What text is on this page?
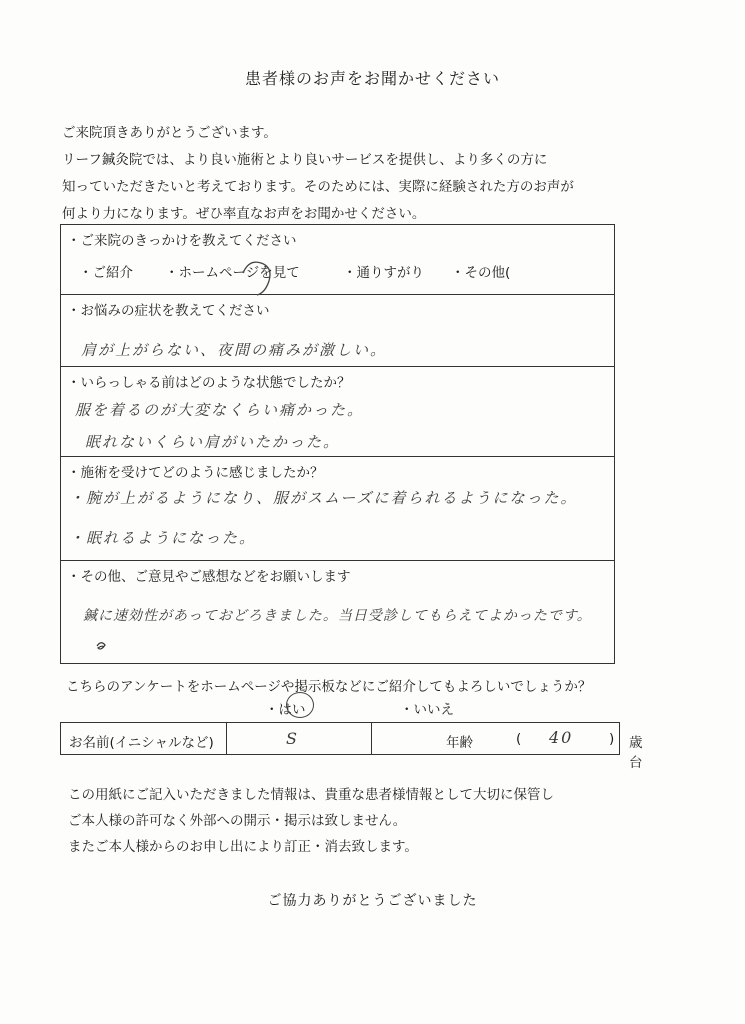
患者様のお声をお聞かせください
ご来院頂きありがとうございます。
リーフ鍼灸院では、より良い施術とより良いサービスを提供し、より多くの方に
知っていただきたいと考えております。そのためには、実際に経験された方のお声が
何より力になります。ぜひ率直なお声をお聞かせください。
・ご来院のきっかけを教えてください
・ご紹介 ・ホームページを見て	・通りすがり ・その他(
・お悩みの症状を教えてください
肩が上がらない、夜間の痛みが激しい。
・いらっしゃる前はどのような状態でしたか？
服を着るのが大変なくらい痛かった。
眠れないくらい肩がいたかった。
・施術を受けてどのように感じましたか？
・腕が上がるようになり、服がスムーズに着られるようになった。
・眠れるようになった。
・その他、ご意見やご感想などをお願いします
鍼に速効性があっておどろきました。当日受診してもらえてよかったです。
こちらのアンケートをホームページや掲示板などにご紹介してもよろしいでしょうか？
・はい	・いいえ
お名前(イニシャルなど)	S	年齢	( 40	) 歳台
この用紙にご記入いただきました情報は、貴重な患者様情報として大切に保管し
ご本人様の許可なく外部への開示・掲示は致しません。
またご本人様からのお申し出により訂正・消去致します。
ご協力ありがとうございました
